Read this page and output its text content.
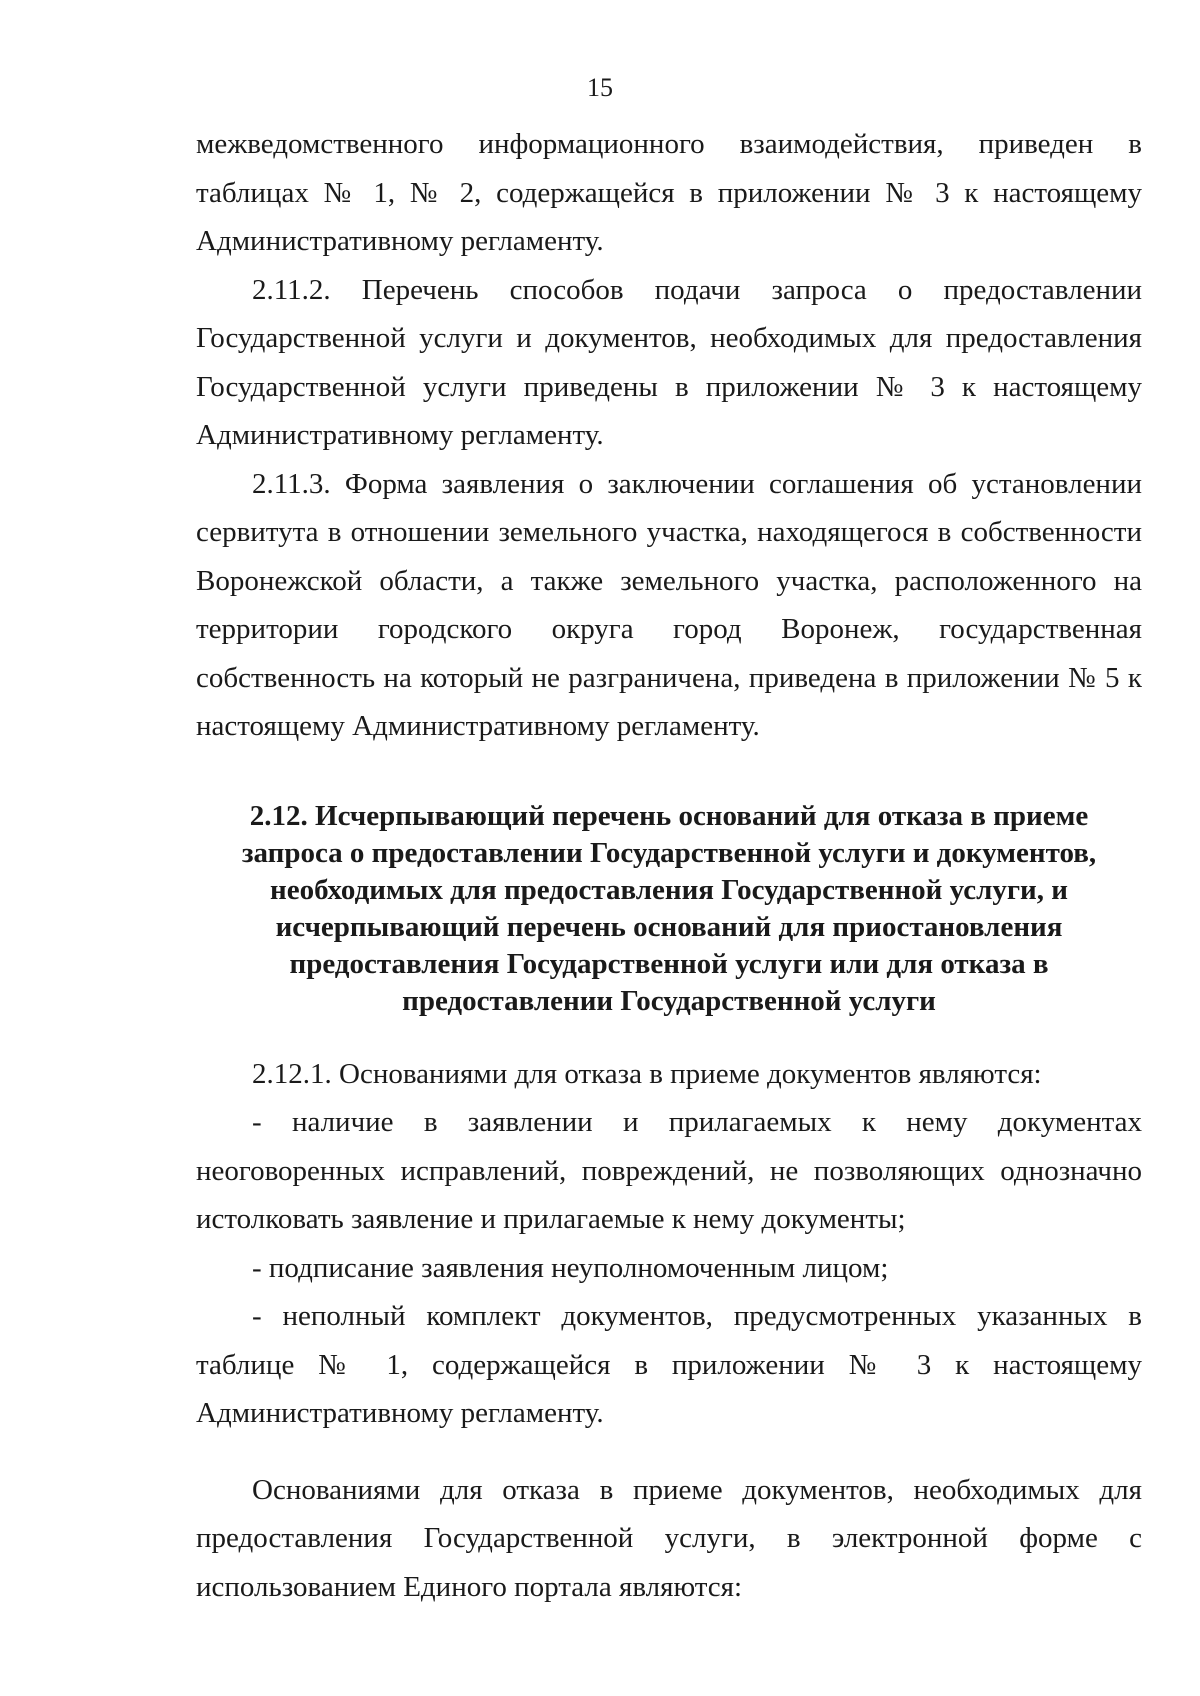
15

межведомственного информационного взаимодействия, приведен в таблицах № 1, № 2, содержащейся в приложении № 3 к настоящему Административному регламенту.

2.11.2. Перечень способов подачи запроса о предоставлении Государственной услуги и документов, необходимых для предоставления Государственной услуги приведены в приложении № 3 к настоящему Административному регламенту.

2.11.3. Форма заявления о заключении соглашения об установлении сервитута в отношении земельного участка, находящегося в собственности Воронежской области, а также земельного участка, расположенного на территории городского округа город Воронеж, государственная собственность на который не разграничена, приведена в приложении № 5 к настоящему Административному регламенту.

2.12. Исчерпывающий перечень оснований для отказа в приеме
запроса о предоставлении Государственной услуги и документов,
необходимых для предоставления Государственной услуги, и
исчерпывающий перечень оснований для приостановления
предоставления Государственной услуги или для отказа в
предоставлении Государственной услуги

2.12.1. Основаниями для отказа в приеме документов являются:

- наличие в заявлении и прилагаемых к нему документах неоговоренных исправлений, повреждений, не позволяющих однозначно истолковать заявление и прилагаемые к нему документы;

- подписание заявления неуполномоченным лицом;

- неполный комплект документов, предусмотренных указанных в таблице № 1, содержащейся в приложении № 3 к настоящему Административному регламенту.

Основаниями для отказа в приеме документов, необходимых для предоставления Государственной услуги, в электронной форме с использованием Единого портала являются:
